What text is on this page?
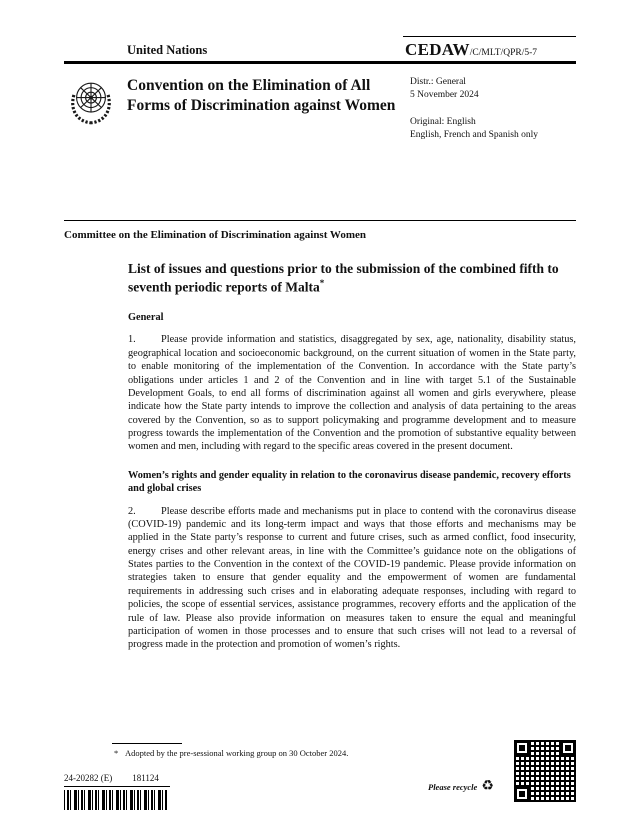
United Nations	CEDAW/C/MLT/QPR/5-7
Convention on the Elimination of All Forms of Discrimination against Women
Distr.: General
5 November 2024
Original: English
English, French and Spanish only
Committee on the Elimination of Discrimination against Women
List of issues and questions prior to the submission of the combined fifth to seventh periodic reports of Malta*
General

1. Please provide information and statistics, disaggregated by sex, age, nationality, disability status, geographical location and socioeconomic background, on the current situation of women in the State party, to enable monitoring of the implementation of the Convention. In accordance with the State party’s obligations under articles 1 and 2 of the Convention and in line with target 5.1 of the Sustainable Development Goals, to end all forms of discrimination against all women and girls everywhere, please indicate how the State party intends to improve the collection and analysis of data pertaining to the areas covered by the Convention, so as to support policymaking and programme development and to measure progress towards the implementation of the Convention and the promotion of substantive equality between women and men, including with regard to the specific areas covered in the present document.

Women’s rights and gender equality in relation to the coronavirus disease pandemic, recovery efforts and global crises

2. Please describe efforts made and mechanisms put in place to contend with the coronavirus disease (COVID-19) pandemic and its long-term impact and ways that those efforts and mechanisms may be applied in the State party’s response to current and future crises, such as armed conflict, food insecurity, energy crises and other relevant areas, in line with the Committee’s guidance note on the obligations of States parties to the Convention in the context of the COVID-19 pandemic. Please provide information on strategies taken to ensure that gender equality and the empowerment of women are fundamental requirements in addressing such crises and in elaborating adequate responses, including with regard to policies, the scope of essential services, assistance programmes, recovery efforts and the application of the rule of law. Please also provide information on measures taken to ensure the equal and meaningful participation of women in those processes and to ensure that such crises will not lead to a reversal of progress made in the protection and promotion of women’s rights.

* Adopted by the pre-sessional working group on 30 October 2024.
24-20282 (E) 181124
Please recycle ♻
